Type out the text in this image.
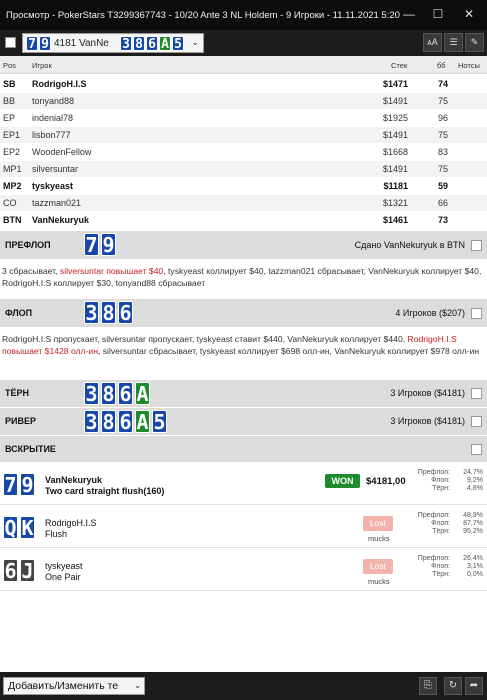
Просмотр - PokerStars T3299367743 - 10/20 Ante 3 NL Holdem - 9 Игроки - 11.11.2021 5:20 —	☐	✕
7 9 4181 VanNe 3 8 6 A 5	⌄	ᴀA	☰	✎
Pos Игрок	Стек	бб Нотсы
SB RodrigoH.I.S	$1471	74
BB tonyand88	$1491	75
EP indenial78	$1925	96
EP1 lisbon777	$1491	75
EP2 WoodenFellow	$1668	83
MP1 silversuntar	$1491	75
MP2 tyskyeast	$1181	59
CO tazzman021	$1321	66
BTN VanNekuryuk	$1461	73
ПРЕФЛОП 7 9	Сдано VanNekuryuk в BTN
3 сбрасывает, silversuntar повышает $40, tyskyeast коллирует $40, tazzman021 сбрасывает, VanNekuryuk коллирует $40, RodrigoH.I.S коллирует $30, tonyand88 сбрасывает
ФЛОП	3 8 6	4 Игроков ($207)
RodrigoH.I.S пропускает, silversuntar пропускает, tyskyeast ставит $440, VanNekuryuk коллирует $440, RodrigoH.I.S повышает $1428 олл-ин, silversuntar сбрасывает, tyskyeast коллирует $698 олл-ин, VanNekuryuk коллирует $978 олл-ин
ТЁРН	3 8 6 A	3 Игроков ($4181)
РИВЕР 3 8 6 A 5	3 Игроков ($4181)
ВСКРЫТИЕ
7 9	VanNekuryuk
Two card straight flush(160)
WON	$4181,00
Префлоп: 24,7%
Флоп: 9,2%
Тёрн: 4,8%
Q K	RodrigoH.I.S
Flush
Lost
mucks
Префлоп: 48,9%
Флоп: 87,7%
Тёрн: 95,2%
6 J	tyskyeast
One Pair
Lost
mucks
Префлоп: 26,4%
Флоп: 3,1%
Тёрн: 0,0%
Добавить/Изменить те	⌄	⎘	↻	➦
